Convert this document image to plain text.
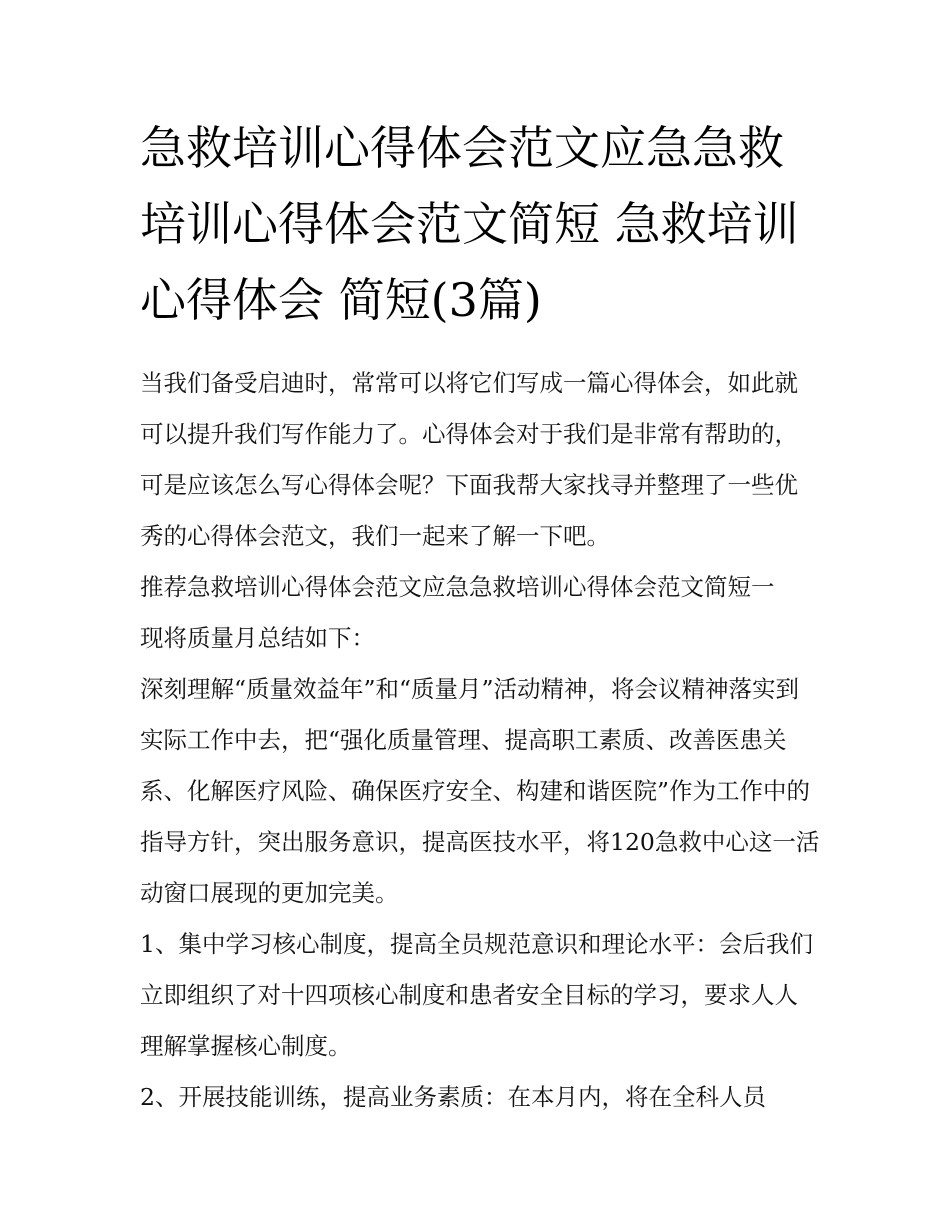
急救培训心得体会范文应急急救培训心得体会范文简短 急救培训心得体会 简短(3篇)

当我们备受启迪时，常常可以将它们写成一篇心得体会，如此就可以提升我们写作能力了。心得体会对于我们是非常有帮助的，可是应该怎么写心得体会呢？下面我帮大家找寻并整理了一些优秀的心得体会范文，我们一起来了解一下吧。

推荐急救培训心得体会范文应急急救培训心得体会范文简短一

现将质量月总结如下：

深刻理解“质量效益年”和“质量月”活动精神，将会议精神落实到实际工作中去，把“强化质量管理、提高职工素质、改善医患关系、化解医疗风险、确保医疗安全、构建和谐医院”作为工作中的指导方针，突出服务意识，提高医技水平，将120急救中心这一活动窗口展现的更加完美。

1、集中学习核心制度，提高全员规范意识和理论水平：会后我们立即组织了对十四项核心制度和患者安全目标的学习，要求人人理解掌握核心制度。

2、开展技能训练，提高业务素质：在本月内，将在全科人员
